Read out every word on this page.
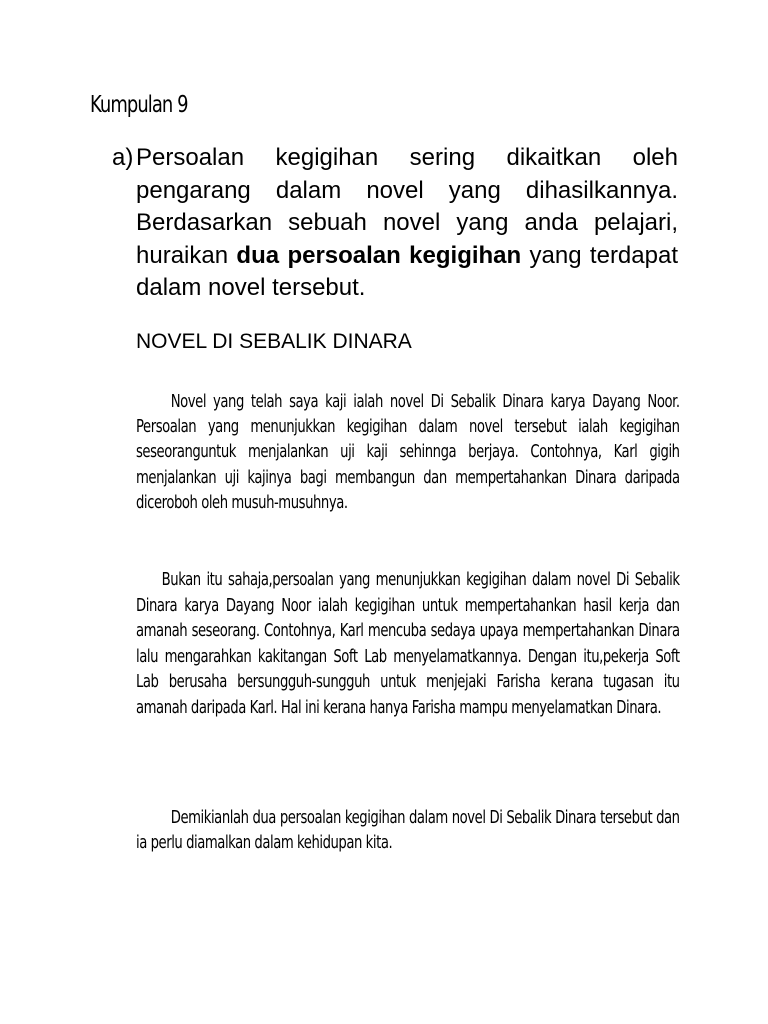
Kumpulan 9
a) Persoalan kegigihan sering dikaitkan oleh pengarang dalam novel yang dihasilkannya. Berdasarkan sebuah novel yang anda pelajari, huraikan dua persoalan kegigihan yang terdapat dalam novel tersebut.
NOVEL DI SEBALIK DINARA
Novel yang telah saya kaji ialah novel Di Sebalik Dinara karya Dayang Noor. Persoalan yang menunjukkan kegigihan dalam novel tersebut ialah kegigihan seseoranguntuk menjalankan uji kaji sehinnga berjaya. Contohnya, Karl gigih menjalankan uji kajinya bagi membangun dan mempertahankan Dinara daripada diceroboh oleh musuh-musuhnya.
Bukan itu sahaja,persoalan yang menunjukkan kegigihan dalam novel Di Sebalik Dinara karya Dayang Noor ialah kegigihan untuk mempertahankan hasil kerja dan amanah seseorang. Contohnya, Karl mencuba sedaya upaya mempertahankan Dinara lalu mengarahkan kakitangan Soft Lab menyelamatkannya. Dengan itu,pekerja Soft Lab berusaha bersungguh-sungguh untuk menjejaki Farisha kerana tugasan itu amanah daripada Karl. Hal ini kerana hanya Farisha mampu menyelamatkan Dinara.
Demikianlah dua persoalan kegigihan dalam novel Di Sebalik Dinara tersebut dan ia perlu diamalkan dalam kehidupan kita.
